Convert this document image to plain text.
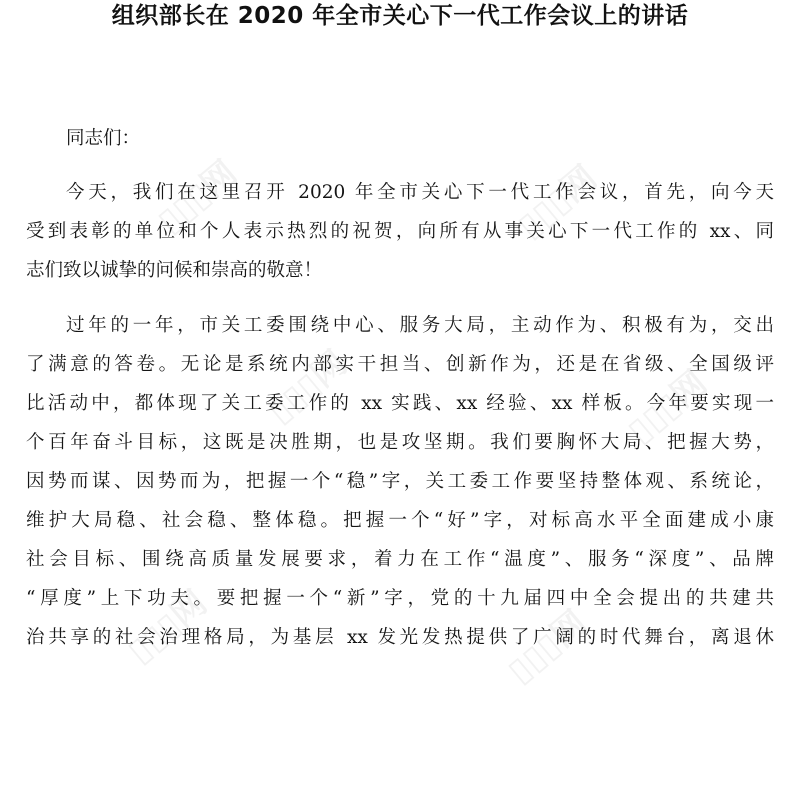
▯▯▯网	▯▯▯网
▯▯▯网	▯▯▯网
▯▯▯网	▯▯▯网
组织部长在 2020 年全市关心下一代工作会议上的讲话
同志们：
今天，我们在这里召开 2020 年全市关心下一代工作会议，首先，向今天
受到表彰的单位和个人表示热烈的祝贺，向所有从事关心下一代工作的 xx、同
志们致以诚挚的问候和崇高的敬意！
过年的一年，市关工委围绕中心、服务大局，主动作为、积极有为，交出
了满意的答卷。无论是系统内部实干担当、创新作为，还是在省级、全国级评
比活动中，都体现了关工委工作的 xx 实践、xx 经验、xx 样板。今年要实现一
个百年奋斗目标，这既是决胜期，也是攻坚期。我们要胸怀大局、把握大势，
因势而谋、因势而为，把握一个“稳”字，关工委工作要坚持整体观、系统论，
维护大局稳、社会稳、整体稳。把握一个“好”字，对标高水平全面建成小康
社会目标、围绕高质量发展要求，着力在工作“温度”、服务“深度”、品牌
“厚度”上下功夫。要把握一个“新”字，党的十九届四中全会提出的共建共
治共享的社会治理格局，为基层 xx 发光发热提供了广阔的时代舞台，离退休
